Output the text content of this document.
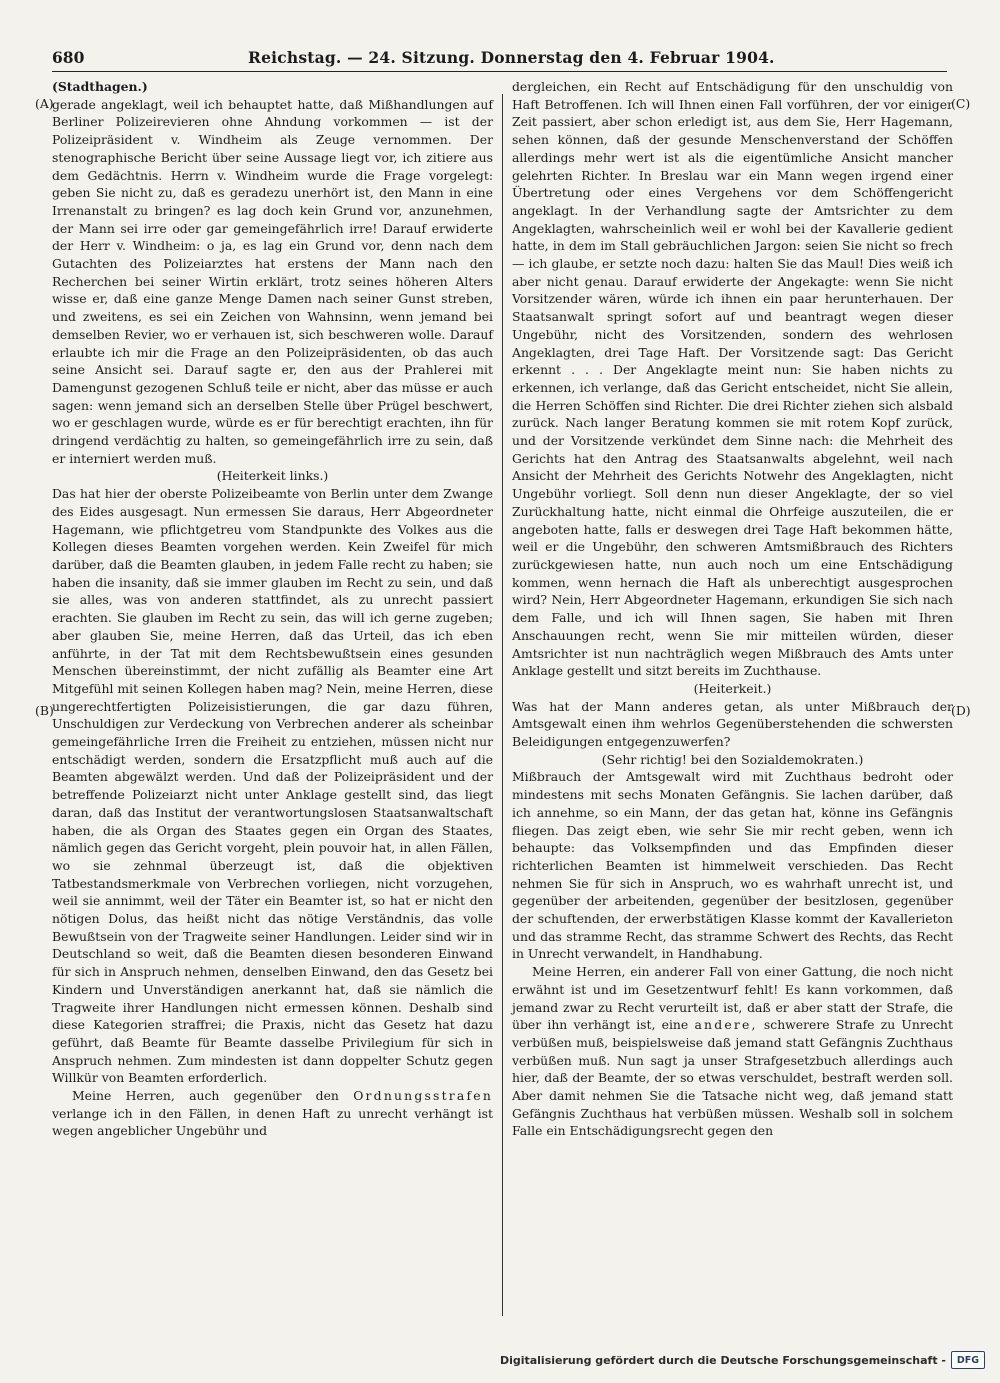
680	Reichstag. — 24. Sitzung. Donnerstag den 4. Februar 1904.
(A)
(B)
(C)
(D)

(Stadthagen.)

gerade angeklagt, weil ich behauptet hatte, daß Mißhandlungen auf Berliner Polizeirevieren ohne Ahndung vorkommen — ist der Polizeipräsident v. Windheim als Zeuge vernommen. Der stenographische Bericht über seine Aussage liegt vor, ich zitiere aus dem Gedächtnis. Herrn v. Windheim wurde die Frage vorgelegt: geben Sie nicht zu, daß es geradezu unerhört ist, den Mann in eine Irrenanstalt zu bringen? es lag doch kein Grund vor, anzunehmen, der Mann sei irre oder gar gemeingefährlich irre! Darauf erwiderte der Herr v. Windheim: o ja, es lag ein Grund vor, denn nach dem Gutachten des Polizeiarztes hat erstens der Mann nach den Recherchen bei seiner Wirtin erklärt, trotz seines höheren Alters wisse er, daß eine ganze Menge Damen nach seiner Gunst streben, und zweitens, es sei ein Zeichen von Wahnsinn, wenn jemand bei demselben Revier, wo er verhauen ist, sich beschweren wolle. Darauf erlaubte ich mir die Frage an den Polizeipräsidenten, ob das auch seine Ansicht sei. Darauf sagte er, den aus der Prahlerei mit Damengunst gezogenen Schluß teile er nicht, aber das müsse er auch sagen: wenn jemand sich an derselben Stelle über Prügel beschwert, wo er geschlagen wurde, würde es er für berechtigt erachten, ihn für dringend verdächtig zu halten, so gemeingefährlich irre zu sein, daß er interniert werden muß.

(Heiterkeit links.)

Das hat hier der oberste Polizeibeamte von Berlin unter dem Zwange des Eides ausgesagt. Nun ermessen Sie daraus, Herr Abgeordneter Hagemann, wie pflichtgetreu vom Standpunkte des Volkes aus die Kollegen dieses Beamten vorgehen werden. Kein Zweifel für mich darüber, daß die Beamten glauben, in jedem Falle recht zu haben; sie haben die insanity, daß sie immer glauben im Recht zu sein, und daß sie alles, was von anderen stattfindet, als zu unrecht passiert erachten. Sie glauben im Recht zu sein, das will ich gerne zugeben; aber glauben Sie, meine Herren, daß das Urteil, das ich eben anführte, in der Tat mit dem Rechtsbewußtsein eines gesunden Menschen übereinstimmt, der nicht zufällig als Beamter eine Art Mitgefühl mit seinen Kollegen haben mag? Nein, meine Herren, diese ungerechtfertigten Polizeisistierungen, die gar dazu führen, Unschuldigen zur Verdeckung von Verbrechen anderer als scheinbar gemeingefährliche Irren die Freiheit zu entziehen, müssen nicht nur entschädigt werden, sondern die Ersatzpflicht muß auch auf die Beamten abgewälzt werden. Und daß der Polizeipräsident und der betreffende Polizeiarzt nicht unter Anklage gestellt sind, das liegt daran, daß das Institut der verantwortungslosen Staatsanwaltschaft haben, die als Organ des Staates gegen ein Organ des Staates, nämlich gegen das Gericht vorgeht, plein pouvoir hat, in allen Fällen, wo sie zehnmal überzeugt ist, daß die objektiven Tatbestandsmerkmale von Verbrechen vorliegen, nicht vorzugehen, weil sie annimmt, weil der Täter ein Beamter ist, so hat er nicht den nötigen Dolus, das heißt nicht das nötige Verständnis, das volle Bewußtsein von der Tragweite seiner Handlungen. Leider sind wir in Deutschland so weit, daß die Beamten diesen besonderen Einwand für sich in Anspruch nehmen, denselben Einwand, den das Gesetz bei Kindern und Unverständigen anerkannt hat, daß sie nämlich die Tragweite ihrer Handlungen nicht ermessen können. Deshalb sind diese Kategorien straffrei; die Praxis, nicht das Gesetz hat dazu geführt, daß Beamte für Beamte dasselbe Privilegium für sich in Anspruch nehmen. Zum mindesten ist dann doppelter Schutz gegen Willkür von Beamten erforderlich.

Meine Herren, auch gegenüber den Ordnungsstrafen verlange ich in den Fällen, in denen Haft zu unrecht verhängt ist wegen angeblicher Ungebühr und

dergleichen, ein Recht auf Entschädigung für den unschuldig von Haft Betroffenen. Ich will Ihnen einen Fall vorführen, der vor einiger Zeit passiert, aber schon erledigt ist, aus dem Sie, Herr Hagemann, sehen können, daß der gesunde Menschenverstand der Schöffen allerdings mehr wert ist als die eigentümliche Ansicht mancher gelehrten Richter. In Breslau war ein Mann wegen irgend einer Übertretung oder eines Vergehens vor dem Schöffengericht angeklagt. In der Verhandlung sagte der Amtsrichter zu dem Angeklagten, wahrscheinlich weil er wohl bei der Kavallerie gedient hatte, in dem im Stall gebräuchlichen Jargon: seien Sie nicht so frech — ich glaube, er setzte noch dazu: halten Sie das Maul! Dies weiß ich aber nicht genau. Darauf erwiderte der Angekagte: wenn Sie nicht Vorsitzender wären, würde ich ihnen ein paar herunterhauen. Der Staatsanwalt springt sofort auf und beantragt wegen dieser Ungebühr, nicht des Vorsitzenden, sondern des wehrlosen Angeklagten, drei Tage Haft. Der Vorsitzende sagt: Das Gericht erkennt . . . Der Angeklagte meint nun: Sie haben nichts zu erkennen, ich verlange, daß das Gericht entscheidet, nicht Sie allein, die Herren Schöffen sind Richter. Die drei Richter ziehen sich alsbald zurück. Nach langer Beratung kommen sie mit rotem Kopf zurück, und der Vorsitzende verkündet dem Sinne nach: die Mehrheit des Gerichts hat den Antrag des Staatsanwalts abgelehnt, weil nach Ansicht der Mehrheit des Gerichts Notwehr des Angeklagten, nicht Ungebühr vorliegt. Soll denn nun dieser Angeklagte, der so viel Zurückhaltung hatte, nicht einmal die Ohrfeige auszuteilen, die er angeboten hatte, falls er deswegen drei Tage Haft bekommen hätte, weil er die Ungebühr, den schweren Amtsmißbrauch des Richters zurückgewiesen hatte, nun auch noch um eine Entschädigung kommen, wenn hernach die Haft als unberechtigt ausgesprochen wird? Nein, Herr Abgeordneter Hagemann, erkundigen Sie sich nach dem Falle, und ich will Ihnen sagen, Sie haben mit Ihren Anschauungen recht, wenn Sie mir mitteilen würden, dieser Amtsrichter ist nun nachträglich wegen Mißbrauch des Amts unter Anklage gestellt und sitzt bereits im Zuchthause.

(Heiterkeit.)

Was hat der Mann anderes getan, als unter Mißbrauch der Amtsgewalt einen ihm wehrlos Gegenüberstehenden die schwersten Beleidigungen entgegenzuwerfen?

(Sehr richtig! bei den Sozialdemokraten.)

Mißbrauch der Amtsgewalt wird mit Zuchthaus bedroht oder mindestens mit sechs Monaten Gefängnis. Sie lachen darüber, daß ich annehme, so ein Mann, der das getan hat, könne ins Gefängnis fliegen. Das zeigt eben, wie sehr Sie mir recht geben, wenn ich behaupte: das Volksempfinden und das Empfinden dieser richterlichen Beamten ist himmelweit verschieden. Das Recht nehmen Sie für sich in Anspruch, wo es wahrhaft unrecht ist, und gegenüber der arbeitenden, gegenüber der besitzlosen, gegenüber der schuftenden, der erwerbstätigen Klasse kommt der Kavallerieton und das stramme Recht, das stramme Schwert des Rechts, das Recht in Unrecht verwandelt, in Handhabung.

Meine Herren, ein anderer Fall von einer Gattung, die noch nicht erwähnt ist und im Gesetzentwurf fehlt! Es kann vorkommen, daß jemand zwar zu Recht verurteilt ist, daß er aber statt der Strafe, die über ihn verhängt ist, eine andere, schwerere Strafe zu Unrecht verbüßen muß, beispielsweise daß jemand statt Gefängnis Zuchthaus verbüßen muß. Nun sagt ja unser Strafgesetzbuch allerdings auch hier, daß der Beamte, der so etwas verschuldet, bestraft werden soll. Aber damit nehmen Sie die Tatsache nicht weg, daß jemand statt Gefängnis Zuchthaus hat verbüßen müssen. Weshalb soll in solchem Falle ein Entschädigungsrecht gegen den

Digitalisierung gefördert durch die Deutsche Forschungsgemeinschaft -	DFG
